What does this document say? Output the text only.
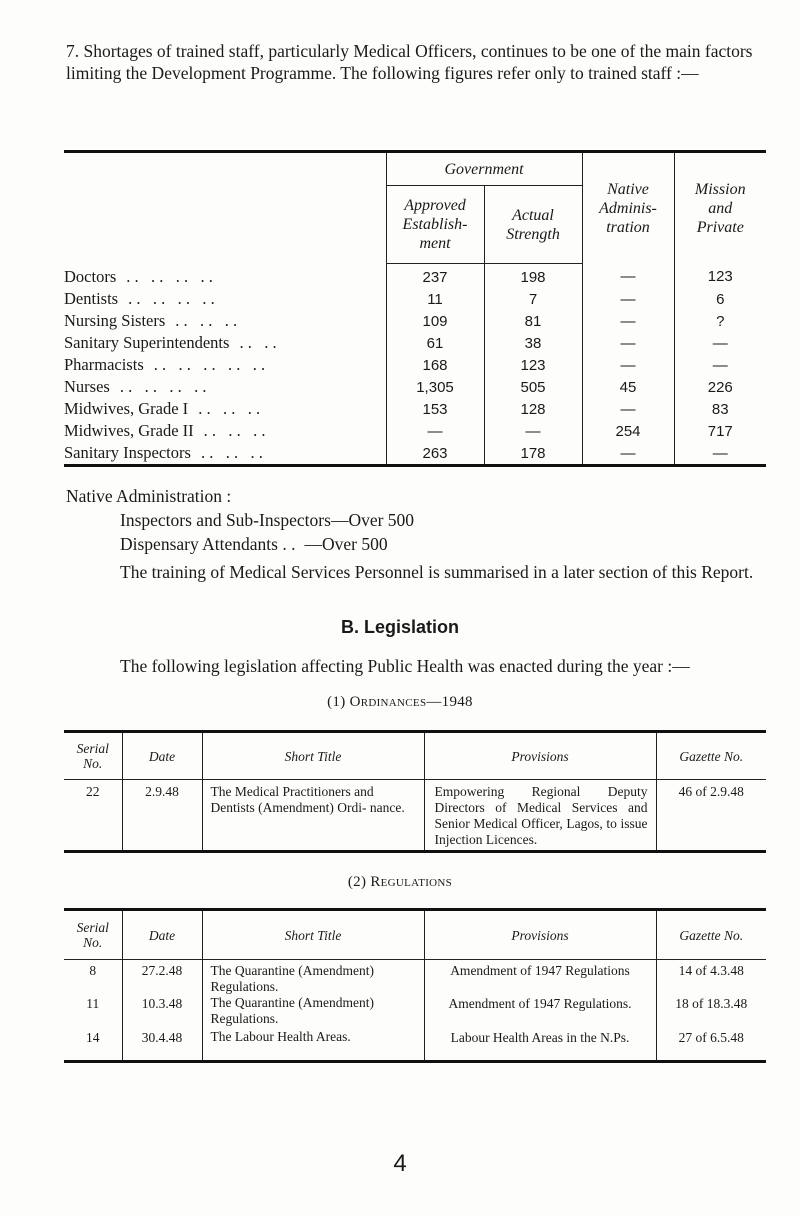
7. Shortages of trained staff, particularly Medical Officers, continues to be one of the main factors limiting the Development Programme. The following figures refer only to trained staff :—
	Government		Native Adminis- tration	Mission and Private
	Approved Establish- ment	Actual Strength		
Doctors . .   . .   . .   . .	237	198	—	123
Dentists . .   . .   . .   . .	11	7	—	6
Nursing Sisters . .   . .   . .	109	81	—	?
Sanitary Superintendents . .   . .	61	38	—	—
Pharmacists . .   . .   . .   . .   . .	168	123	—	—
Nurses . .   . .   . .   . .	1,305	505	45	226
Midwives, Grade I . .   . .   . .	153	128	—	83
Midwives, Grade II . .   . .   . .	—	—	254	717
Sanitary Inspectors . .   . .   . .	263	178	—	—
Native Administration :
Inspectors and Sub-Inspectors —Over 500
Dispensary Attendants . . —Over 500
The training of Medical Services Personnel is summarised in a later section of this Report.
B. Legislation
The following legislation affecting Public Health was enacted during the year :—
(1) Ordinances—1948
Serial No.	Date	Short Title	Provisions	Gazette No.
22	2.9.48	The Medical Practitioners and Dentists (Amendment) Ordi- nance.	Empowering Regional Deputy Directors of Medical Services and Senior Medical Officer, Lagos, to issue Injection Licences.	46 of 2.9.48
(2) Regulations
Serial No.	Date	Short Title	Provisions	Gazette No.
8	27.2.48	The Quarantine (Amendment) Regulations.	Amendment of 1947 Regulations	14 of 4.3.48
11	10.3.48	The Quarantine (Amendment) Regulations.	Amendment of 1947 Regulations.	18 of 18.3.48
14	30.4.48	The Labour Health Areas.	Labour Health Areas in the N.Ps.	27 of 6.5.48
4
